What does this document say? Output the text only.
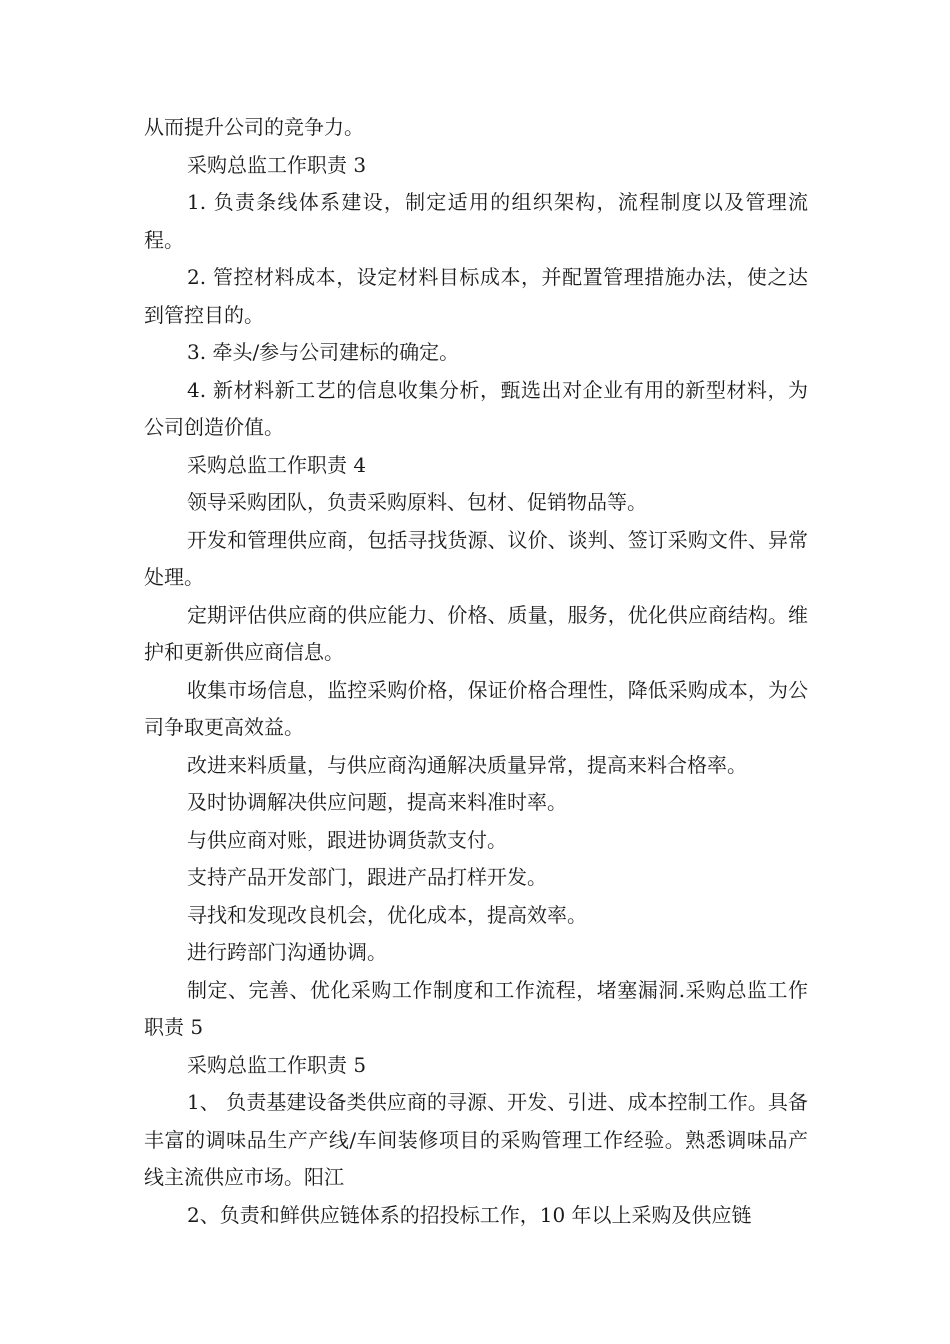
从而提升公司的竞争力。

采购总监工作职责 3

1. 负责条线体系建设，制定适用的组织架构，流程制度以及管理流程。

2. 管控材料成本，设定材料目标成本，并配置管理措施办法，使之达到管控目的。

3. 牵头/参与公司建标的确定。

4. 新材料新工艺的信息收集分析，甄选出对企业有用的新型材料，为公司创造价值。

采购总监工作职责 4

领导采购团队，负责采购原料、包材、促销物品等。

开发和管理供应商，包括寻找货源、议价、谈判、签订采购文件、异常处理。

定期评估供应商的供应能力、价格、质量，服务，优化供应商结构。维护和更新供应商信息。

收集市场信息，监控采购价格，保证价格合理性，降低采购成本，为公司争取更高效益。

改进来料质量，与供应商沟通解决质量异常，提高来料合格率。

及时协调解决供应问题，提高来料准时率。

与供应商对账，跟进协调货款支付。

支持产品开发部门，跟进产品打样开发。

寻找和发现改良机会，优化成本，提高效率。

进行跨部门沟通协调。

制定、完善、优化采购工作制度和工作流程，堵塞漏洞.采购总监工作职责 5

采购总监工作职责 5

1、 负责基建设备类供应商的寻源、开发、引进、成本控制工作。具备丰富的调味品生产产线/车间装修项目的采购管理工作经验。熟悉调味品产线主流供应市场。阳江

2、负责和鲜供应链体系的招投标工作，10 年以上采购及供应链
